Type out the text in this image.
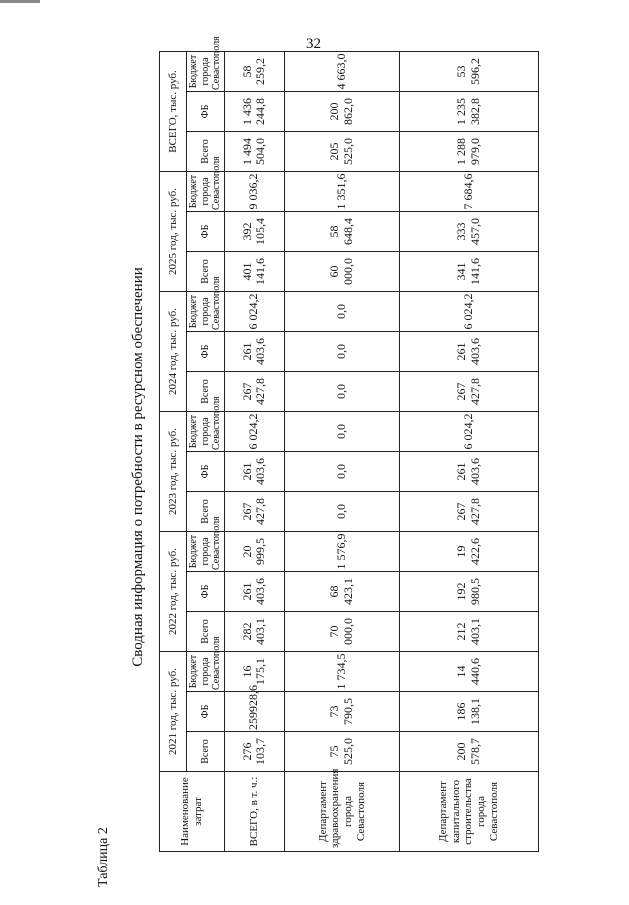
32
Таблица 2
Сводная информация о потребности в ресурсном обеспечении
Наименование затрат	2021 год, тыс. руб.			2022 год, тыс. руб.			2023 год, тыс. руб.			2024 год, тыс. руб.			2025 год, тыс. руб.			ВСЕГО, тыс. руб.		
	Всего	ФБ	Бюджет города Севастополя	Всего	ФБ	Бюджет города Севастополя	Всего	ФБ	Бюджет города Севастополя	Всего	ФБ	Бюджет города Севастополя	Всего	ФБ	Бюджет города Севастополя	Всего	ФБ	Бюджет города Севастополя
ВСЕГО, в т. ч.:	276 103,7	259928,6	16 175,1	282 403,1	261 403,6	20 999,5	267 427,8	261 403,6	6 024,2	267 427,8	261 403,6	6 024,2	401 141,6	392 105,4	9 036,2	1 494 504,0	1 436 244,8	58 259,2
Департамент здравоохранения города Севастополя	75 525,0	73 790,5	1 734,5	70 000,0	68 423,1	1 576,9	0,0	0,0	0,0	0,0	0,0	0,0	60 000,0	58 648,4	1 351,6	205 525,0	200 862,0	4 663,0
Департамент капитального строительства города Севастополя	200 578,7	186 138,1	14 440,6	212 403,1	192 980,5	19 422,6	267 427,8	261 403,6	6 024,2	267 427,8	261 403,6	6 024,2	341 141,6	333 457,0	7 684,6	1 288 979,0	1 235 382,8	53 596,2
